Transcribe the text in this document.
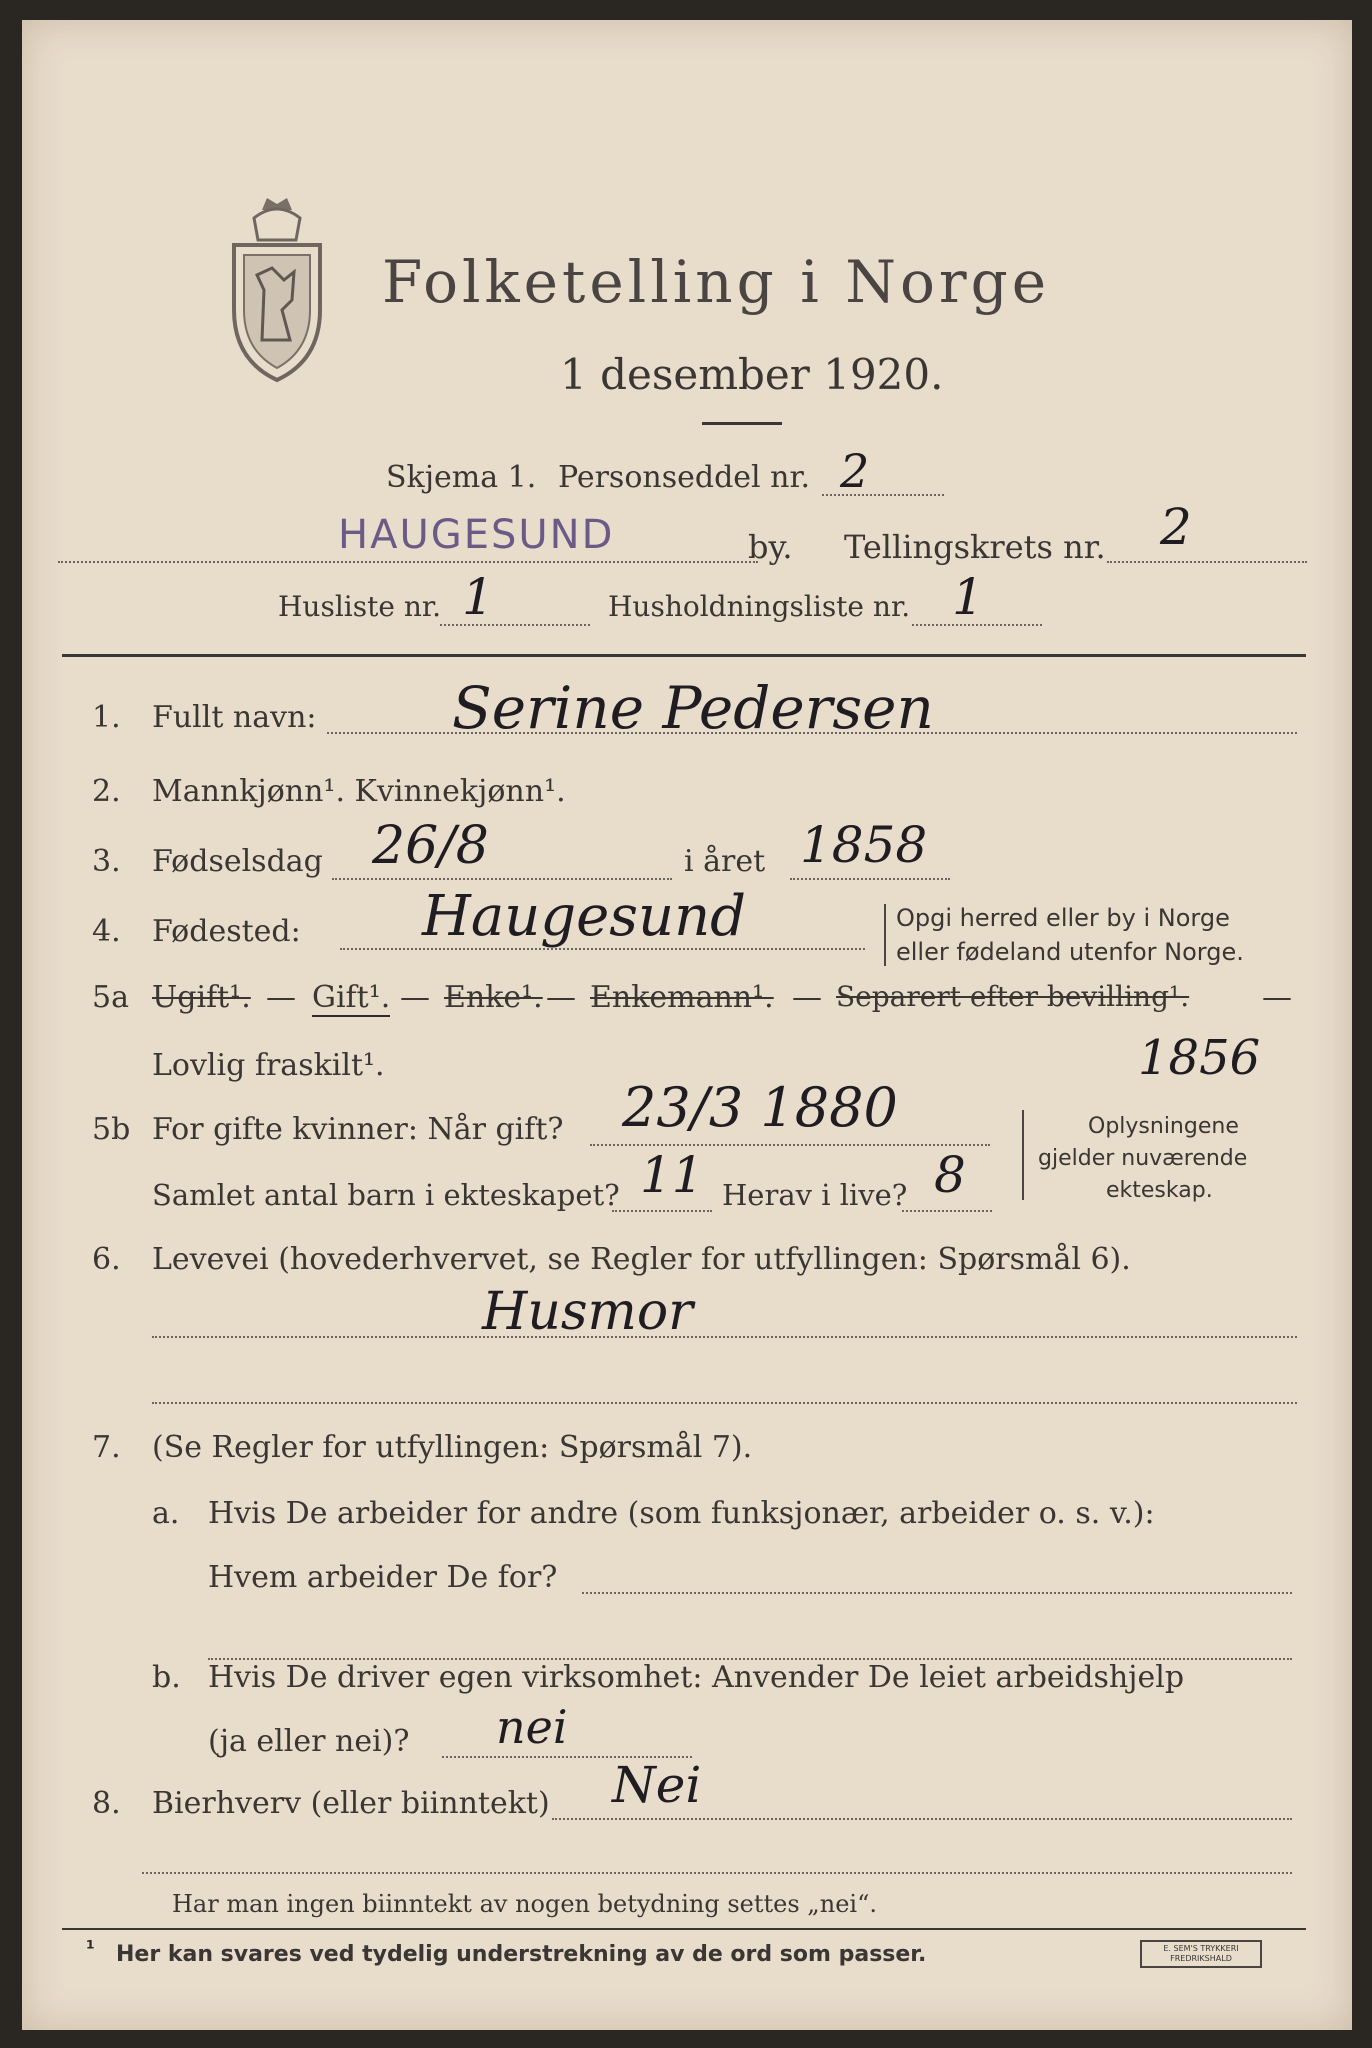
Folketelling i Norge
1 desember 1920.
Skjema 1. Personseddel nr. 2
HAUGESUND	by. Tellingskrets nr. 2
Husliste nr. 1	Husholdningsliste nr. 1
1. Fullt navn: Serine Pedersen
2. Mannkjønn¹. Kvinnekjønn¹.
3. Fødselsdag 26/8	i året 1858
4. Fødested: Haugesund	Opgi herred eller by i Norge
eller fødeland utenfor Norge.
5a Ugift¹. — Gift¹. — Enke¹. — Enkemann¹. — Separert efter bevilling¹. —
Lovlig fraskilt¹.	1856
5b For gifte kvinner: Når gift? 23/3 1880
Samlet antal barn i ekteskapet? 11 Herav i live? 8
Oplysningene
gjelder nuværende
ekteskap.
6. Levevei (hovederhvervet, se Regler for utfyllingen: Spørsmål 6).
Husmor
7. (Se Regler for utfyllingen: Spørsmål 7).
a. Hvis De arbeider for andre (som funksjonær, arbeider o. s. v.):
Hvem arbeider De for?
b. Hvis De driver egen virksomhet: Anvender De leiet arbeidshjelp
(ja eller nei)? nei
8. Bierhverv (eller biinntekt) Nei
Har man ingen biinntekt av nogen betydning settes „nei“.
¹ Her kan svares ved tydelig understrekning av de ord som passer.	E. SEM'S TRYKKERI FREDRIKSHALD
